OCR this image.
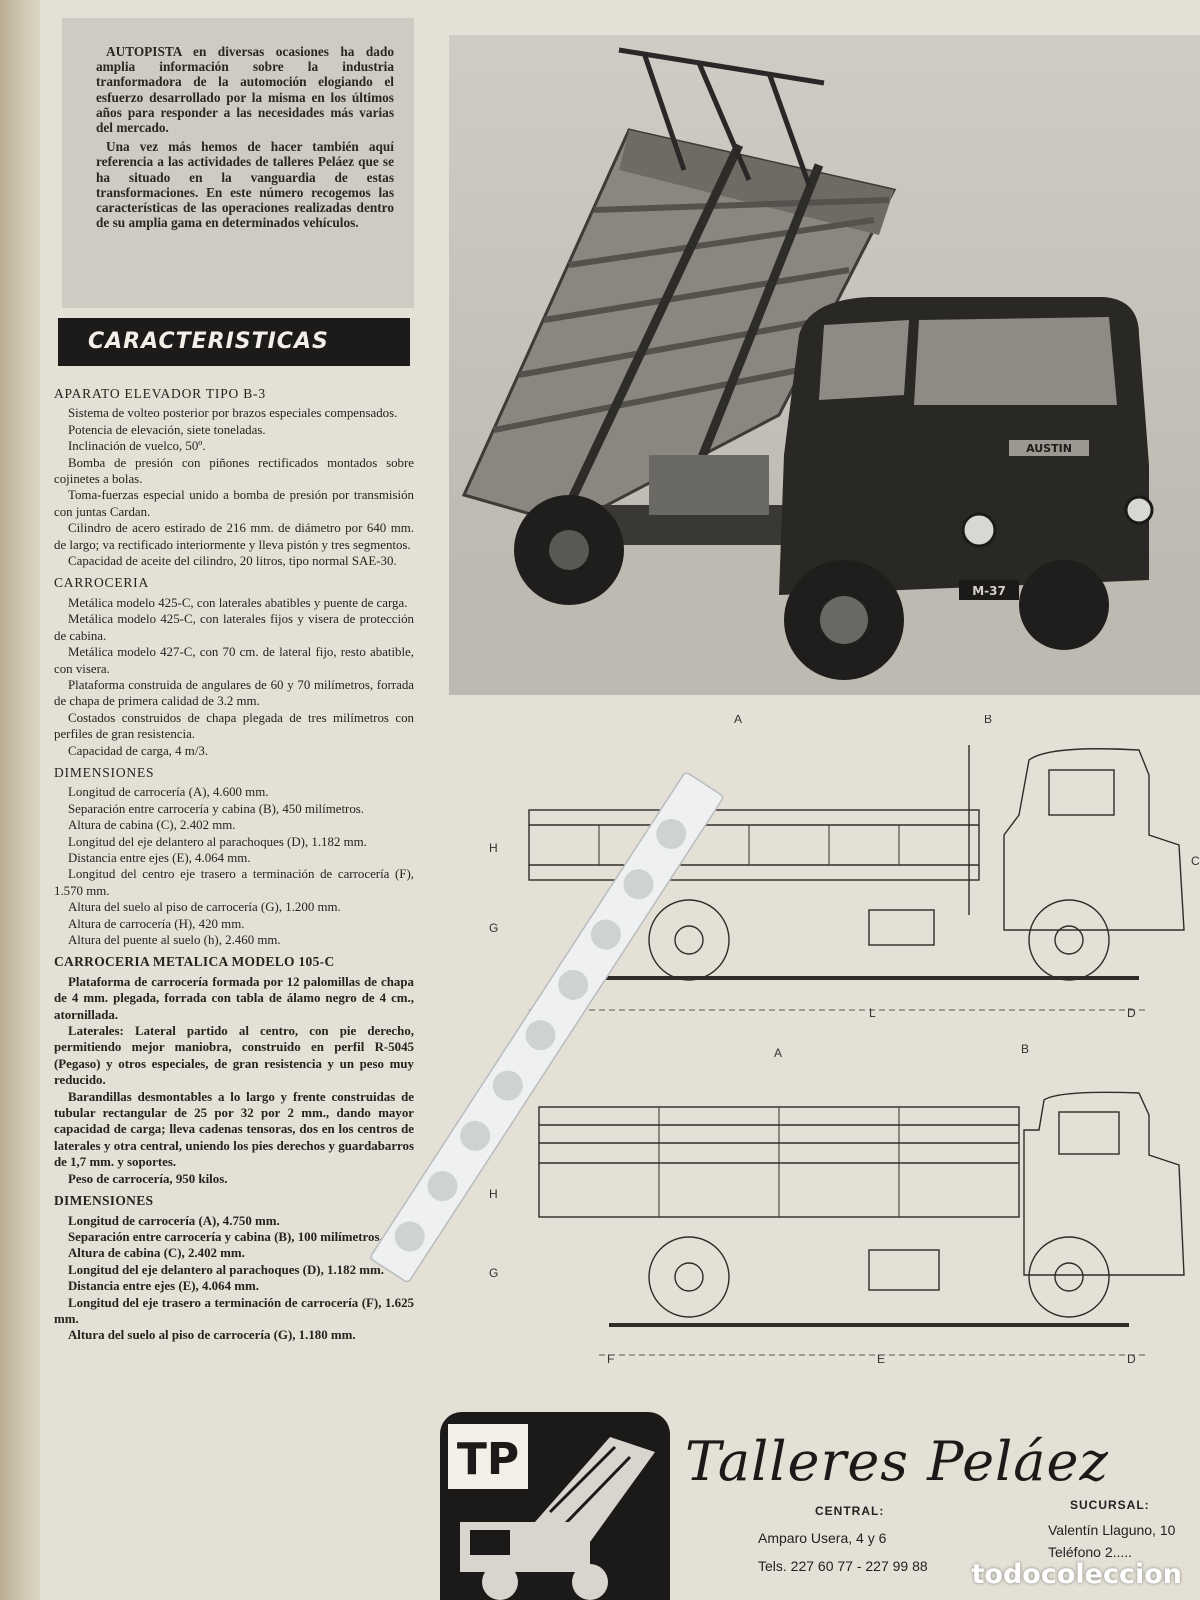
AUTOPISTA en diversas ocasiones ha dado amplia información sobre la industria tranformadora de la automoción elogiando el esfuerzo desarrollado por la misma en los últimos años para responder a las necesidades más varias del mercado.

Una vez más hemos de hacer también aquí referencia a las actividades de talleres Peláez que se ha situado en la vanguardia de estas transformaciones. En este número recogemos las características de las operaciones realizadas dentro de su amplia gama en determinados vehículos.

CARACTERISTICAS
APARATO ELEVADOR TIPO B-3

Sistema de volteo posterior por brazos especiales compensados.

Potencia de elevación, siete toneladas.

Inclinación de vuelco, 50º.

Bomba de presión con piñones rectificados montados sobre cojinetes a bolas.

Toma-fuerzas especial unido a bomba de presión por transmisión con juntas Cardan.

Cilindro de acero estirado de 216 mm. de diámetro por 640 mm. de largo; va rectificado interiormente y lleva pistón y tres segmentos.

Capacidad de aceite del cilindro, 20 litros, tipo normal SAE-30.

CARROCERIA

Metálica modelo 425-C, con laterales abatibles y puente de carga.

Metálica modelo 425-C, con laterales fijos y visera de protección de cabina.

Metálica modelo 427-C, con 70 cm. de lateral fijo, resto abatible, con visera.

Plataforma construida de angulares de 60 y 70 milímetros, forrada de chapa de primera calidad de 3.2 mm.

Costados construidos de chapa plegada de tres milímetros con perfiles de gran resistencia.

Capacidad de carga, 4 m/3.

DIMENSIONES

Longitud de carrocería (A), 4.600 mm.

Separación entre carrocería y cabina (B), 450 milímetros.

Altura de cabina (C), 2.402 mm.

Longitud del eje delantero al parachoques (D), 1.182 mm.

Distancia entre ejes (E), 4.064 mm.

Longitud del centro eje trasero a terminación de carrocería (F), 1.570 mm.

Altura del suelo al piso de carrocería (G), 1.200 mm.

Altura de carrocería (H), 420 mm.

Altura del puente al suelo (h), 2.460 mm.

CARROCERIA METALICA MODELO 105-C

Plataforma de carrocería formada por 12 palomillas de chapa de 4 mm. plegada, forrada con tabla de álamo negro de 4 cm., atornillada.

Laterales: Lateral partido al centro, con pie derecho, permitiendo mejor maniobra, construido en perfil R-5045 (Pegaso) y otros especiales, de gran resistencia y un peso muy reducido.

Barandillas desmontables a lo largo y frente construidas de tubular rectangular de 25 por 32 por 2 mm., dando mayor capacidad de carga; lleva cadenas tensoras, dos en los centros de laterales y otra central, uniendo los pies derechos y guardabarros de 1,7 mm. y soportes.

Peso de carrocería, 950 kilos.

DIMENSIONES

Longitud de carrocería (A), 4.750 mm.

Separación entre carrocería y cabina (B), 100 milímetros.

Altura de cabina (C), 2.402 mm.

Longitud del eje delantero al parachoques (D), 1.182 mm.

Distancia entre ejes (E), 4.064 mm.

Longitud del eje trasero a terminación de carrocería (F), 1.625 mm.

Altura del suelo al piso de carrocería (G), 1.180 mm.

AUSTIN
M-37
A	B
H
G
L	D
C
A	B
H
G
F	E	D
TP	Talleres Peláez
CENTRAL:
Amparo Usera, 4 y 6
Tels. 227 60 77 - 227 99 88
SUCURSAL:
Valentín Llaguno, 10
Teléfono 2.....
todocoleccion
